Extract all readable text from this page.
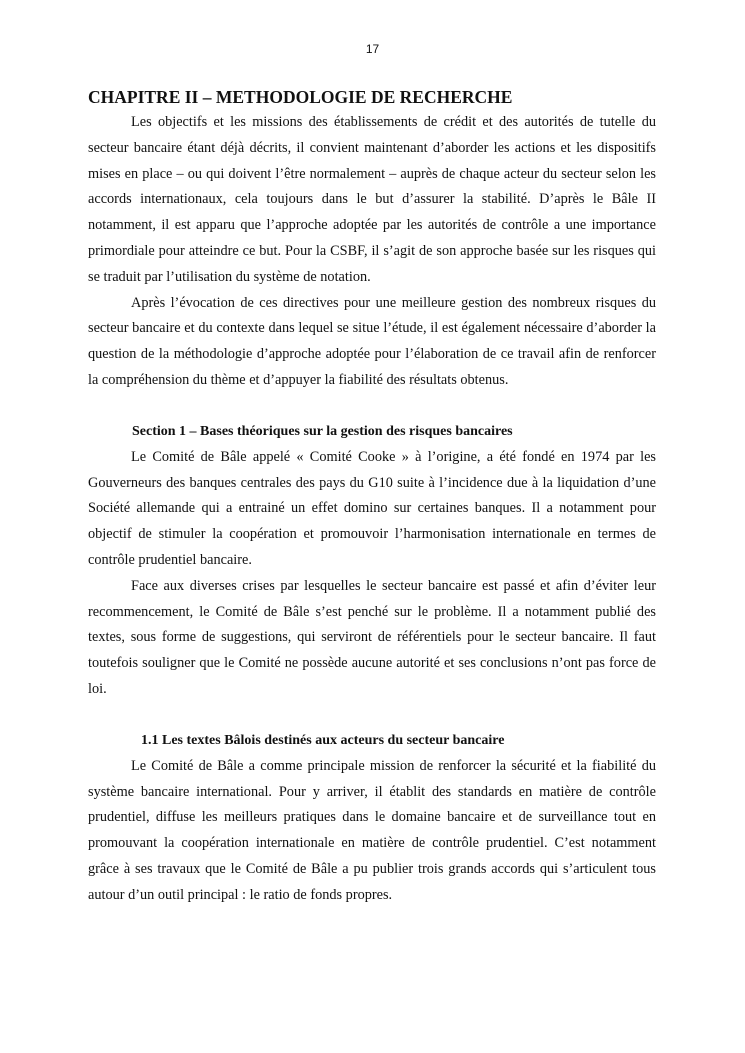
17
CHAPITRE II – METHODOLOGIE DE RECHERCHE

Les objectifs et les missions des établissements de crédit et des autorités de tutelle du secteur bancaire étant déjà décrits, il convient maintenant d’aborder les actions et les dispositifs mises en place – ou qui doivent l’être normalement – auprès de chaque acteur du secteur selon les accords internationaux, cela toujours dans le but d’assurer la stabilité. D’après le Bâle II notamment, il est apparu que l’approche adoptée par les autorités de contrôle a une importance primordiale pour atteindre ce but. Pour la CSBF, il s’agit de son approche basée sur les risques qui se traduit par l’utilisation du système de notation.

Après l’évocation de ces directives pour une meilleure gestion des nombreux risques du secteur bancaire et du contexte dans lequel se situe l’étude, il est également nécessaire d’aborder la question de la méthodologie d’approche adoptée pour l’élaboration de ce travail afin de renforcer la compréhension du thème et d’appuyer la fiabilité des résultats obtenus.

Section 1 – Bases théoriques sur la gestion des risques bancaires

Le Comité de Bâle appelé « Comité Cooke » à l’origine, a été fondé en 1974 par les Gouverneurs des banques centrales des pays du G10 suite à l’incidence due à la liquidation d’une Société allemande qui a entrainé un effet domino sur certaines banques. Il a notamment pour objectif de stimuler la coopération et promouvoir l’harmonisation internationale en termes de contrôle prudentiel bancaire.

Face aux diverses crises par lesquelles le secteur bancaire est passé et afin d’éviter leur recommencement, le Comité de Bâle s’est penché sur le problème. Il a notamment publié des textes, sous forme de suggestions, qui serviront de référentiels pour le secteur bancaire. Il faut toutefois souligner que le Comité ne possède aucune autorité et ses conclusions n’ont pas force de loi.

1.1 Les textes Bâlois destinés aux acteurs du secteur bancaire

Le Comité de Bâle a comme principale mission de renforcer la sécurité et la fiabilité du système bancaire international. Pour y arriver, il établit des standards en matière de contrôle prudentiel, diffuse les meilleurs pratiques dans le domaine bancaire et de surveillance tout en promouvant la coopération internationale en matière de contrôle prudentiel. C’est notamment grâce à ses travaux que le Comité de Bâle a pu publier trois grands accords qui s’articulent tous autour d’un outil principal : le ratio de fonds propres.
